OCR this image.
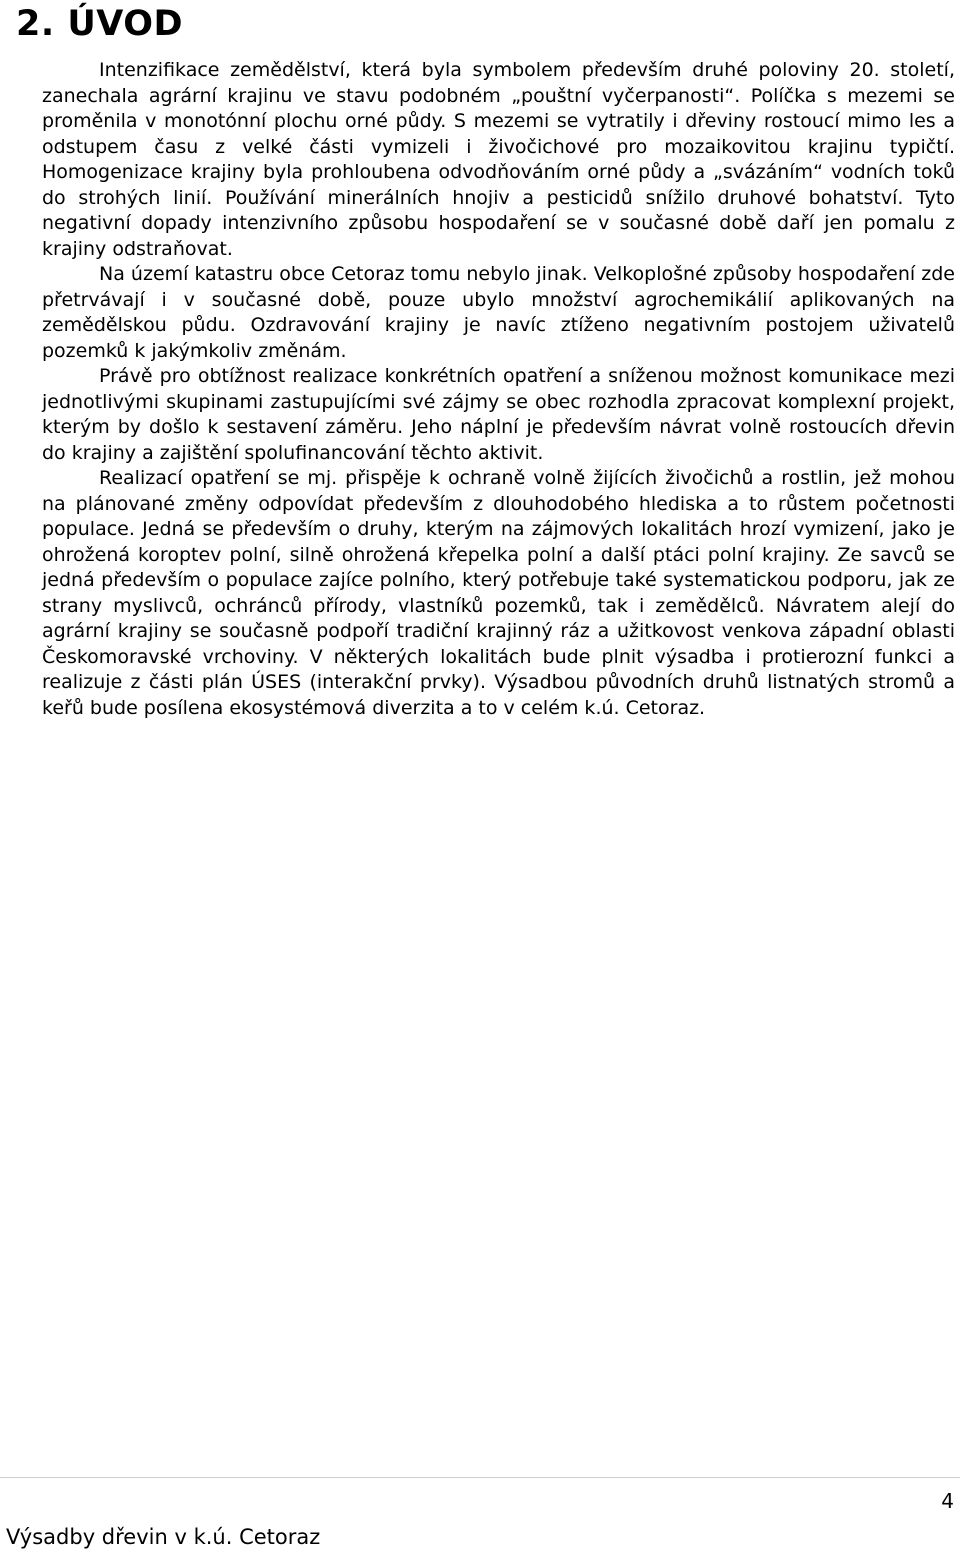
2. ÚVOD

Intenzifikace zemědělství, která byla symbolem především druhé poloviny 20. století, zanechala agrární krajinu ve stavu podobném „pouštní vyčerpanosti“. Políčka s mezemi se proměnila v monotónní plochu orné půdy. S mezemi se vytratily i dřeviny rostoucí mimo les a odstupem času z velké části vymizeli i živočichové pro mozaikovitou krajinu typičtí. Homogenizace krajiny byla prohloubena odvodňováním orné půdy a „svázáním“ vodních toků do strohých linií. Používání minerálních hnojiv a pesticidů snížilo druhové bohatství. Tyto negativní dopady intenzivního způsobu hospodaření se v současné době daří jen pomalu z krajiny odstraňovat.

Na území katastru obce Cetoraz tomu nebylo jinak. Velkoplošné způsoby hospodaření zde přetrvávají i v současné době, pouze ubylo množství agrochemikálií aplikovaných na zemědělskou půdu. Ozdravování krajiny je navíc ztíženo negativním postojem uživatelů pozemků k jakýmkoliv změnám.

Právě pro obtížnost realizace konkrétních opatření a sníženou možnost komunikace mezi jednotlivými skupinami zastupujícími své zájmy se obec rozhodla zpracovat komplexní projekt, kterým by došlo k sestavení záměru. Jeho náplní je především návrat volně rostoucích dřevin do krajiny a zajištění spolufinancování těchto aktivit.

Realizací opatření se mj. přispěje k ochraně volně žijících živočichů a rostlin, jež mohou na plánované změny odpovídat především z dlouhodobého hlediska a to růstem početnosti populace. Jedná se především o druhy, kterým na zájmových lokalitách hrozí vymizení, jako je ohrožená koroptev polní, silně ohrožená křepelka polní a další ptáci polní krajiny. Ze savců se jedná především o populace zajíce polního, který potřebuje také systematickou podporu, jak ze strany myslivců, ochránců přírody, vlastníků pozemků, tak i zemědělců. Návratem alejí do agrární krajiny se současně podpoří tradiční krajinný ráz a užitkovost venkova západní oblasti Českomoravské vrchoviny. V některých lokalitách bude plnit výsadba i protierozní funkci a realizuje z části plán ÚSES (interakční prvky). Výsadbou původních druhů listnatých stromů a keřů bude posílena ekosystémová diverzita a to v celém k.ú. Cetoraz.

4
Výsadby dřevin v k.ú. Cetoraz
